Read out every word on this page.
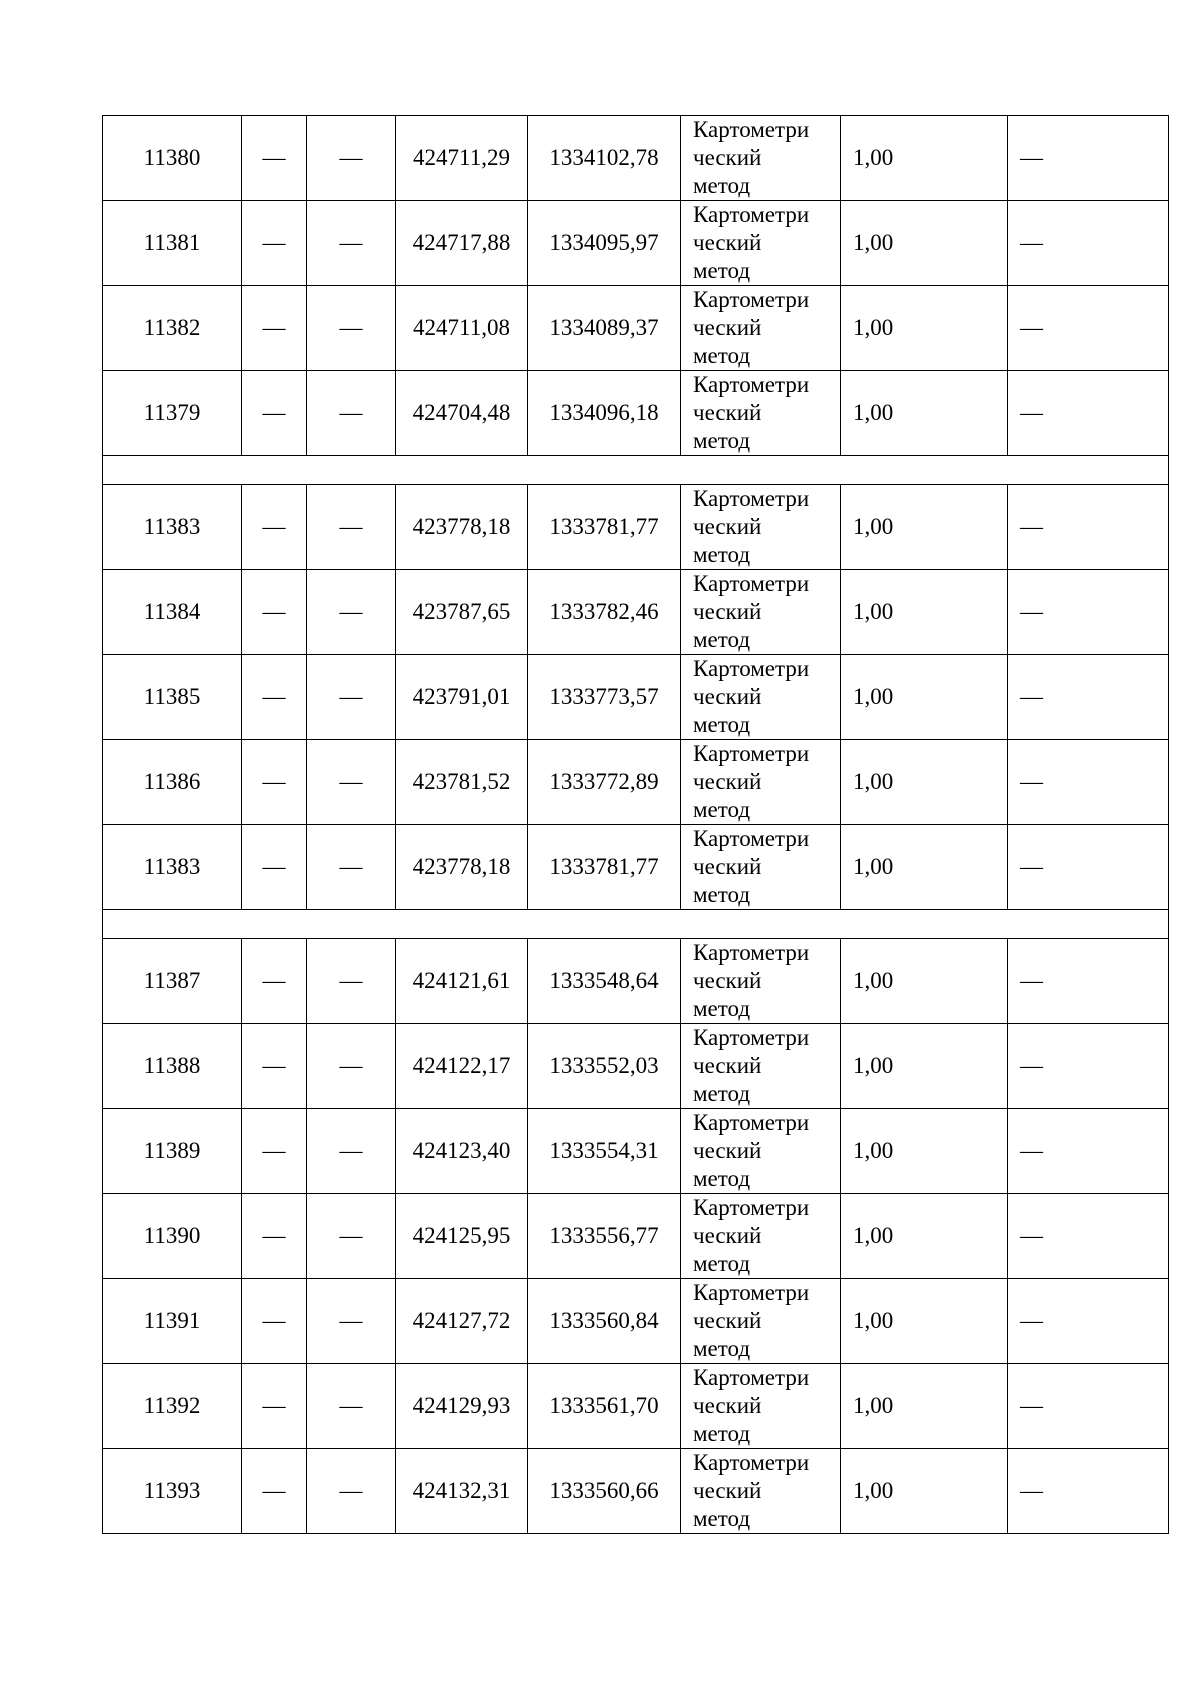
11380	—	—	424711,29	1334102,78	Картометри
ческий
метод	1,00	—
11381	—	—	424717,88	1334095,97	Картометри
ческий
метод	1,00	—
11382	—	—	424711,08	1334089,37	Картометри
ческий
метод	1,00	—
11379	—	—	424704,48	1334096,18	Картометри
ческий
метод	1,00	—

11383	—	—	423778,18	1333781,77	Картометри
ческий
метод	1,00	—
11384	—	—	423787,65	1333782,46	Картометри
ческий
метод	1,00	—
11385	—	—	423791,01	1333773,57	Картометри
ческий
метод	1,00	—
11386	—	—	423781,52	1333772,89	Картометри
ческий
метод	1,00	—
11383	—	—	423778,18	1333781,77	Картометри
ческий
метод	1,00	—

11387	—	—	424121,61	1333548,64	Картометри
ческий
метод	1,00	—
11388	—	—	424122,17	1333552,03	Картометри
ческий
метод	1,00	—
11389	—	—	424123,40	1333554,31	Картометри
ческий
метод	1,00	—
11390	—	—	424125,95	1333556,77	Картометри
ческий
метод	1,00	—
11391	—	—	424127,72	1333560,84	Картометри
ческий
метод	1,00	—
11392	—	—	424129,93	1333561,70	Картометри
ческий
метод	1,00	—
11393	—	—	424132,31	1333560,66	Картометри
ческий
метод	1,00	—
